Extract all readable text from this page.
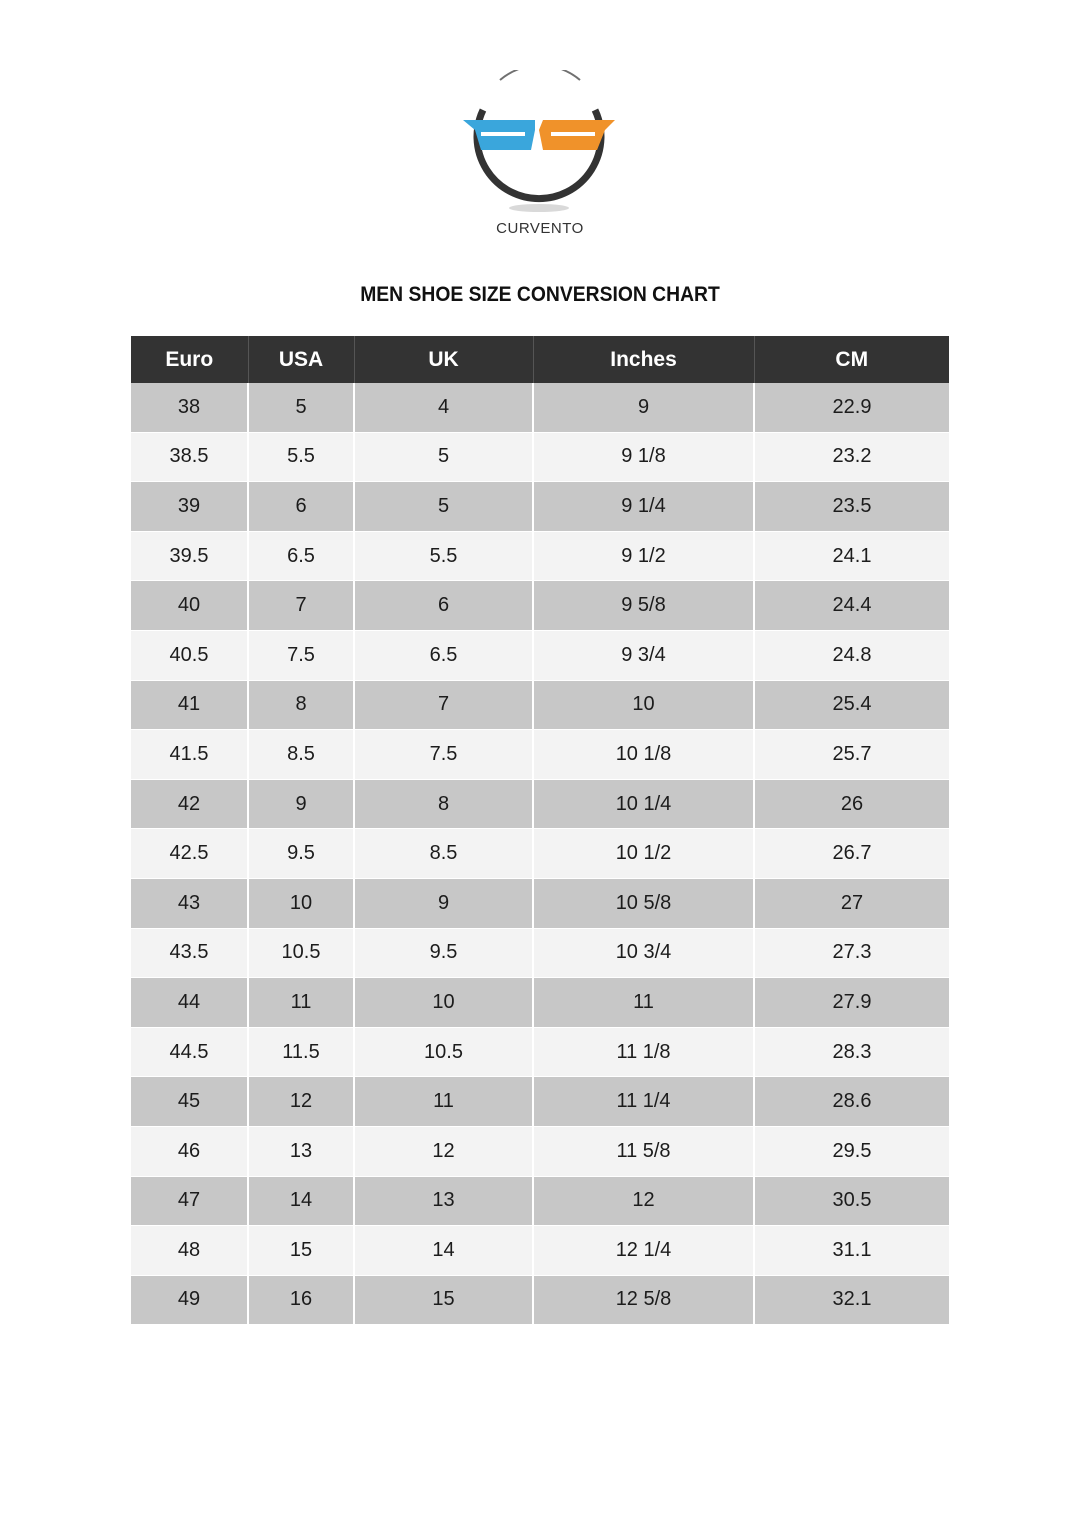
CURVENTO
MEN SHOE SIZE CONVERSION CHART
Euro	USA	UK	Inches	CM
38	5	4	9	22.9
38.5	5.5	5	9 1/8	23.2
39	6	5	9 1/4	23.5
39.5	6.5	5.5	9 1/2	24.1
40	7	6	9 5/8	24.4
40.5	7.5	6.5	9 3/4	24.8
41	8	7	10	25.4
41.5	8.5	7.5	10 1/8	25.7
42	9	8	10 1/4	26
42.5	9.5	8.5	10 1/2	26.7
43	10	9	10 5/8	27
43.5	10.5	9.5	10 3/4	27.3
44	11	10	11	27.9
44.5	11.5	10.5	11 1/8	28.3
45	12	11	11 1/4	28.6
46	13	12	11 5/8	29.5
47	14	13	12	30.5
48	15	14	12 1/4	31.1
49	16	15	12 5/8	32.1
